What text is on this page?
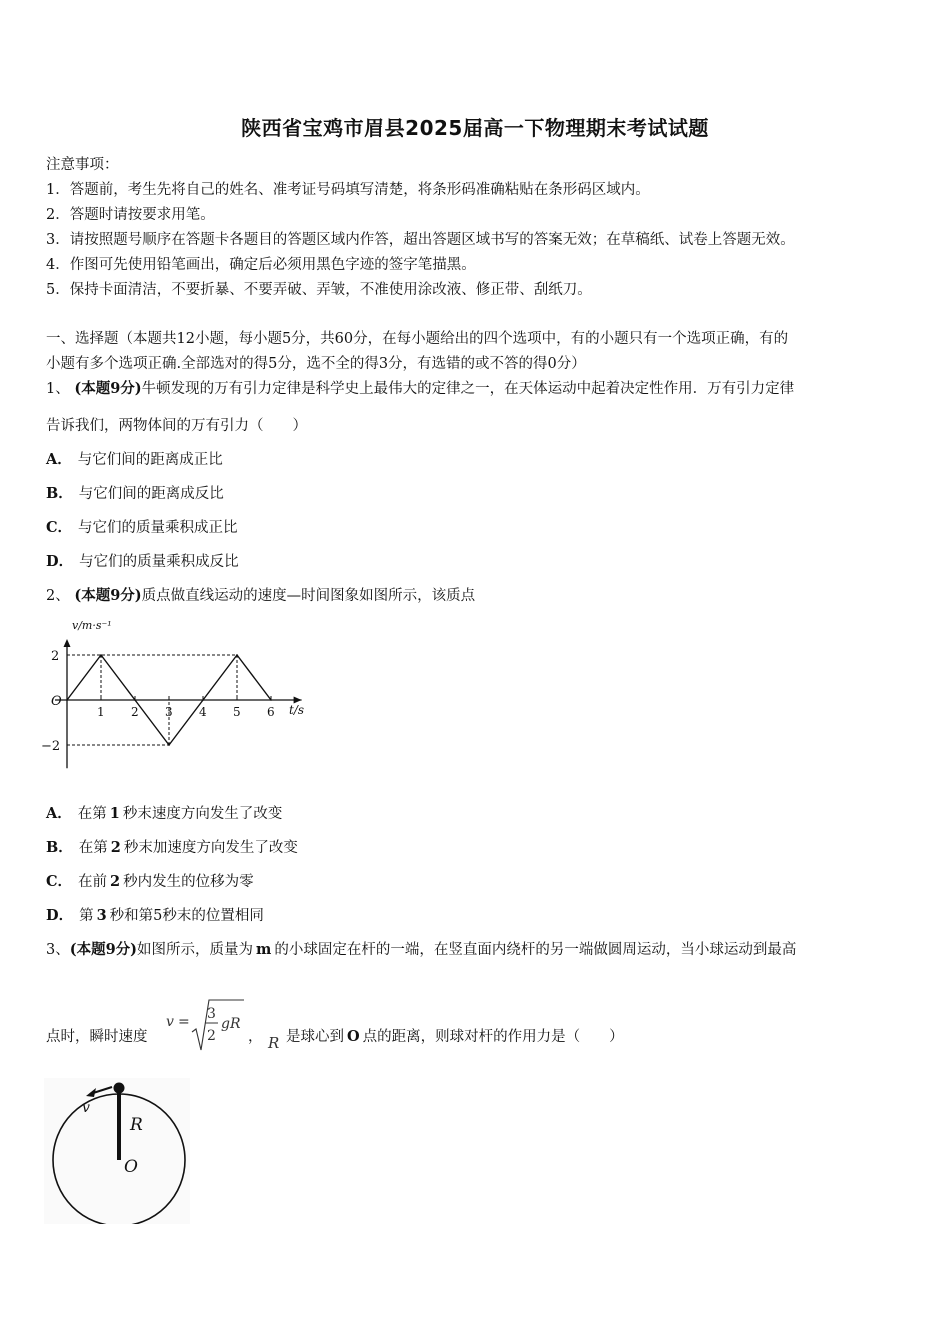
陕西省宝鸡市眉县2025届高一下物理期末考试试题
注意事项：
1．答题前，考生先将自己的姓名、准考证号码填写清楚，将条形码准确粘贴在条形码区域内。
2．答题时请按要求用笔。
3．请按照题号顺序在答题卡各题目的答题区域内作答，超出答题区域书写的答案无效；在草稿纸、试卷上答题无效。
4．作图可先使用铅笔画出，确定后必须用黑色字迹的签字笔描黑。
5．保持卡面清洁，不要折暴、不要弄破、弄皱，不准使用涂改液、修正带、刮纸刀。
一、选择题（本题共12小题，每小题5分，共60分，在每小题给出的四个选项中，有的小题只有一个选项正确，有的
小题有多个选项正确.全部选对的得5分，选不全的得3分，有选错的或不答的得0分）
1、 (本题9分)牛顿发现的万有引力定律是科学史上最伟大的定律之一，在天体运动中起着决定性作用．万有引力定律
告诉我们，两物体间的万有引力（　　）
A． 与它们间的距离成正比
B． 与它们间的距离成反比
C． 与它们的质量乘积成正比
D． 与它们的质量乘积成反比
2、 (本题9分)质点做直线运动的速度—时间图象如图所示，该质点
v/m·s⁻¹
t/s
O
2
−2
1 2 3 4 5 6
A． 在第 1 秒末速度方向发生了改变
B． 在第 2 秒末加速度方向发生了改变
C． 在前 2 秒内发生的位移为零
D． 第 3 秒和第5秒末的位置相同
3、(本题9分)如图所示，质量为 m 的小球固定在杆的一端，在竖直面内绕杆的另一端做圆周运动，当小球运动到最高
点时，瞬时速度
v = 3
2
gR
， R 是球心到 O 点的距离，则球对杆的作用力是（　　）
v
R
O
